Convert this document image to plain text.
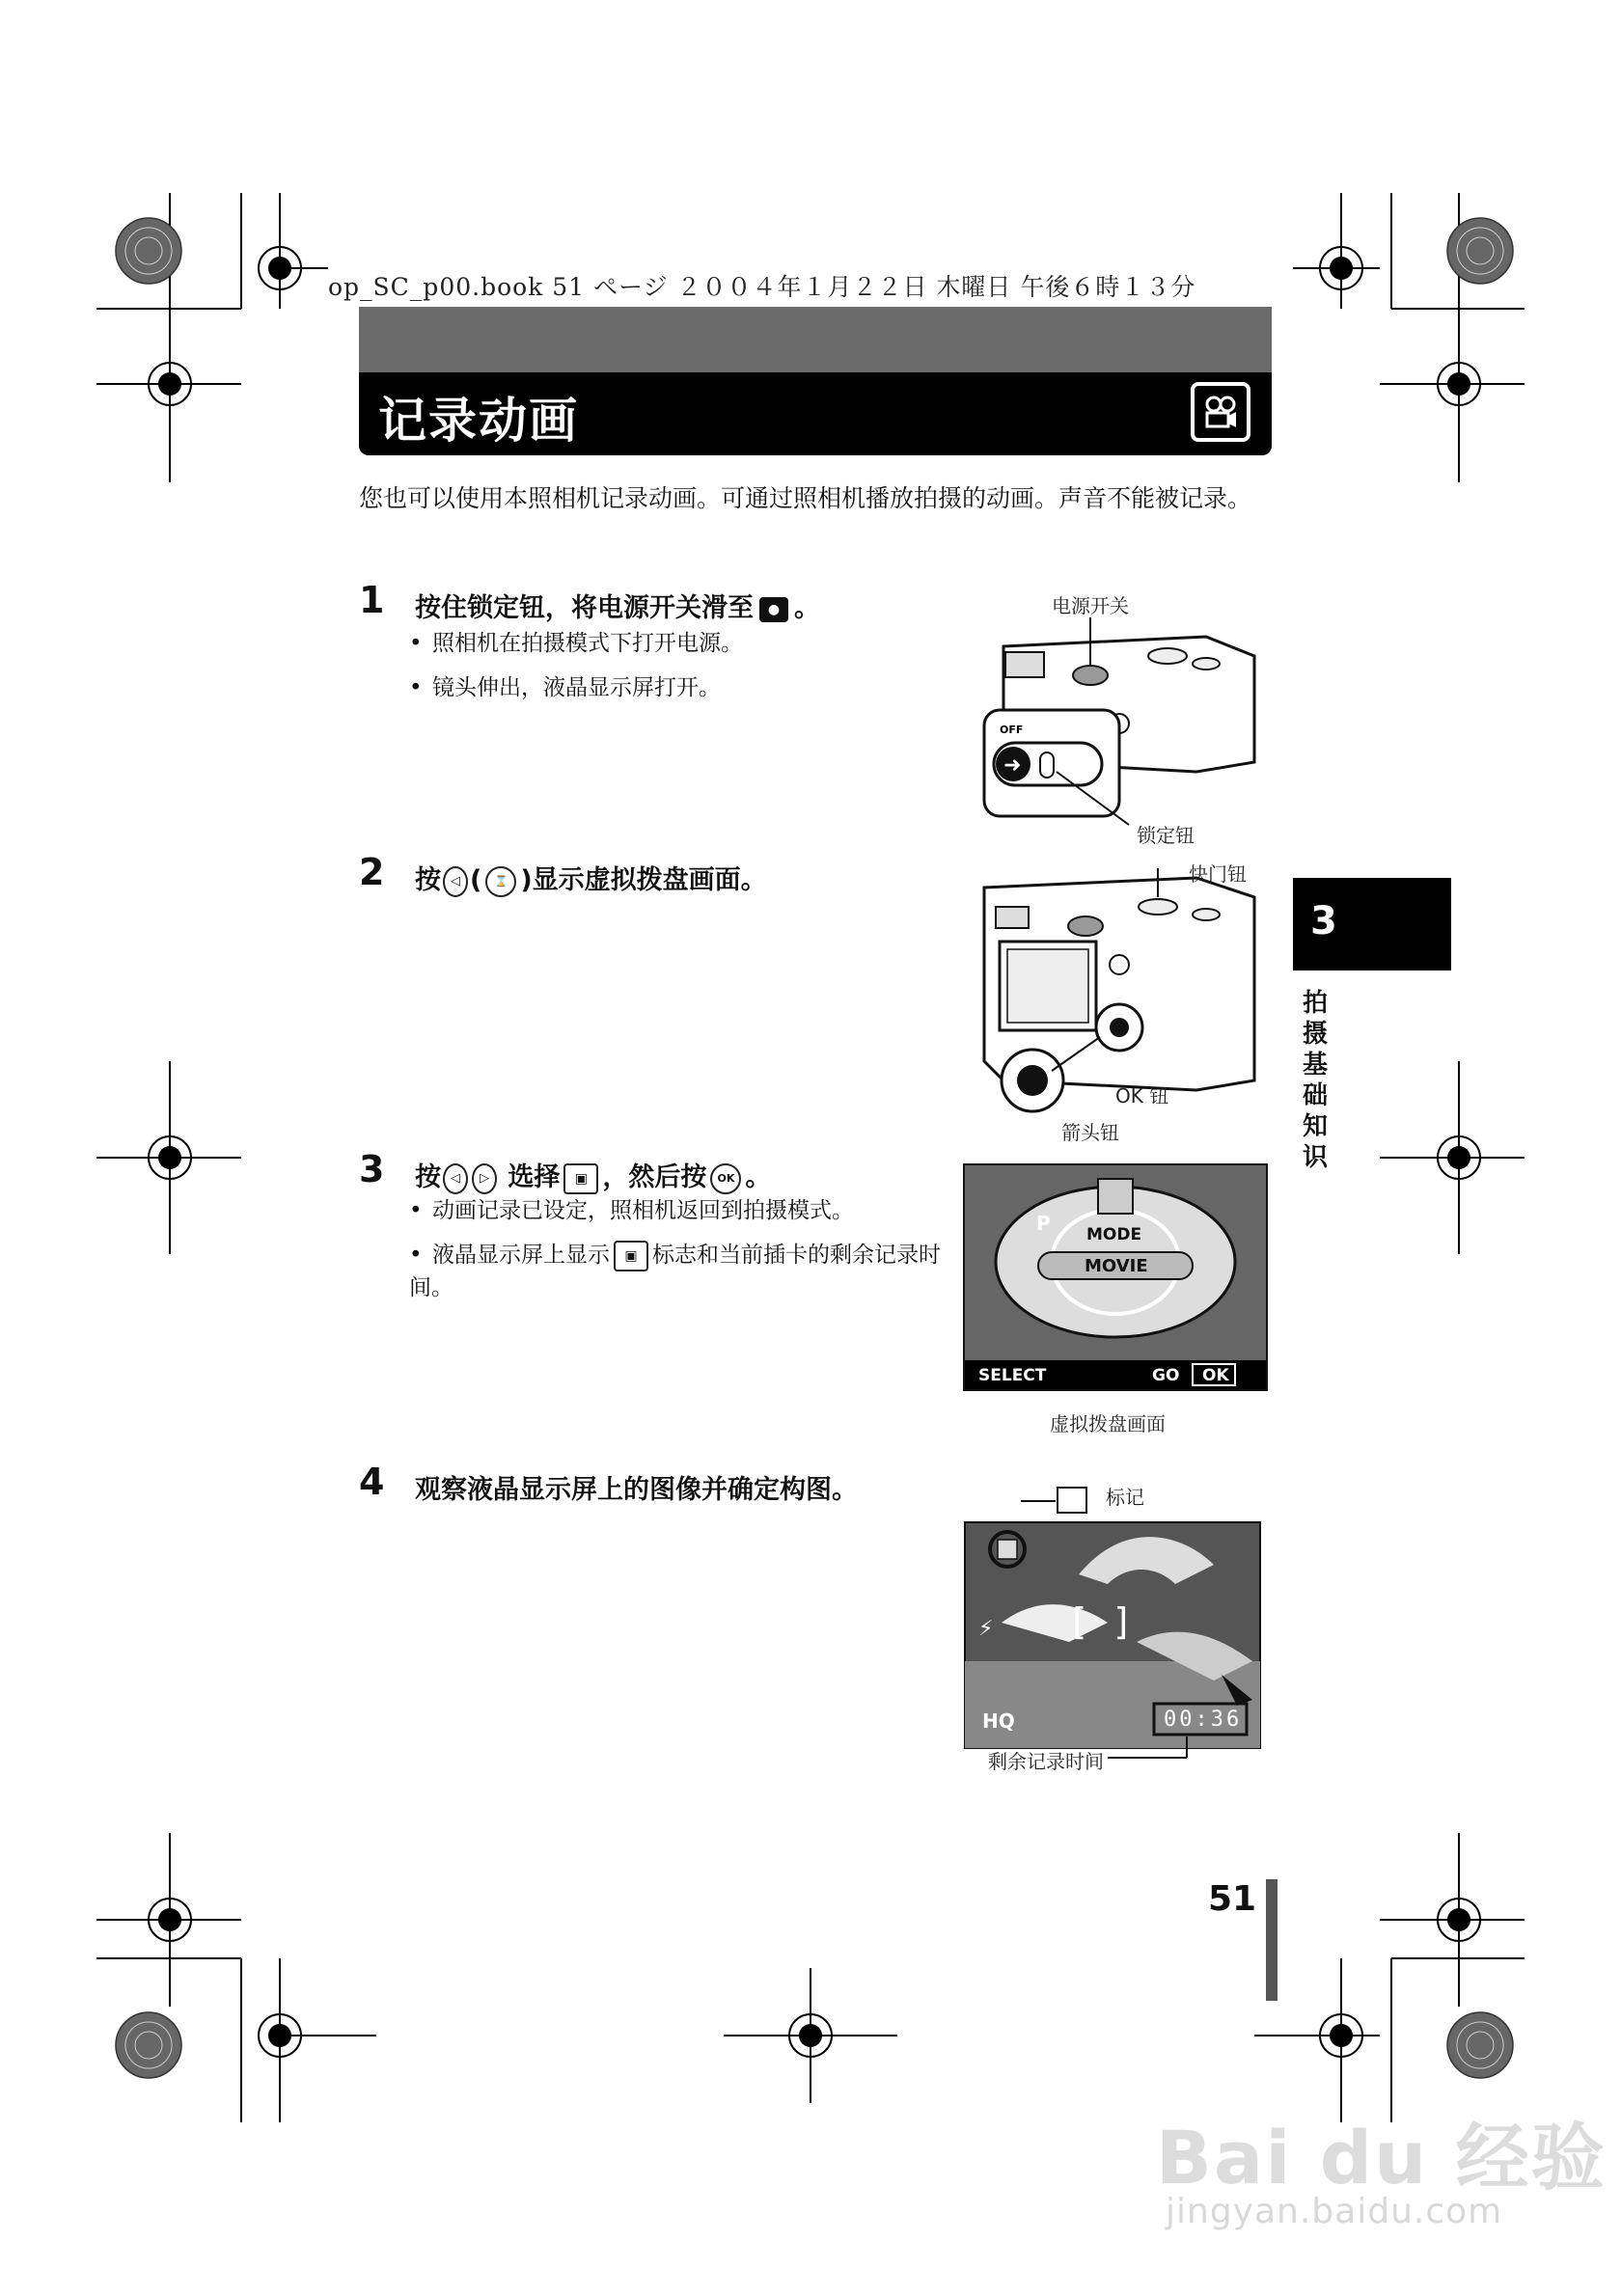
op_SC_p00.book 51 ページ ２００４年１月２２日 木曜日 午後６時１３分
记录动画
您也可以使用本照相机记录动画。可通过照相机播放拍摄的动画。声音不能被记录。
1 按住锁定钮，将电源开关滑至 ● 。
• 照相机在拍摄模式下打开电源。
• 镜头伸出，液晶显示屏打开。
➜
OFF
电源开关
锁定钮
2 按 ◁ ( ⌛ )显示虚拟拨盘画面。	快门钮
OK 钮
箭头钮
3 按 ◁ ▷ 选择 ▣ ，然后按 OK 。
• 动画记录已设定，照相机返回到拍摄模式。
• 液晶显示屏上显示 ▣ 标志和当前插卡的剩余记录时间。
MODE
MOVIE
P
SELECT	GO OK
虚拟拨盘画面
4 观察液晶显示屏上的图像并确定构图。
[ ]
⚡
HQ	00:36
标记
剩余记录时间
3
拍摄基础知识
51
Bai du 经验
jingyan.baidu.com
